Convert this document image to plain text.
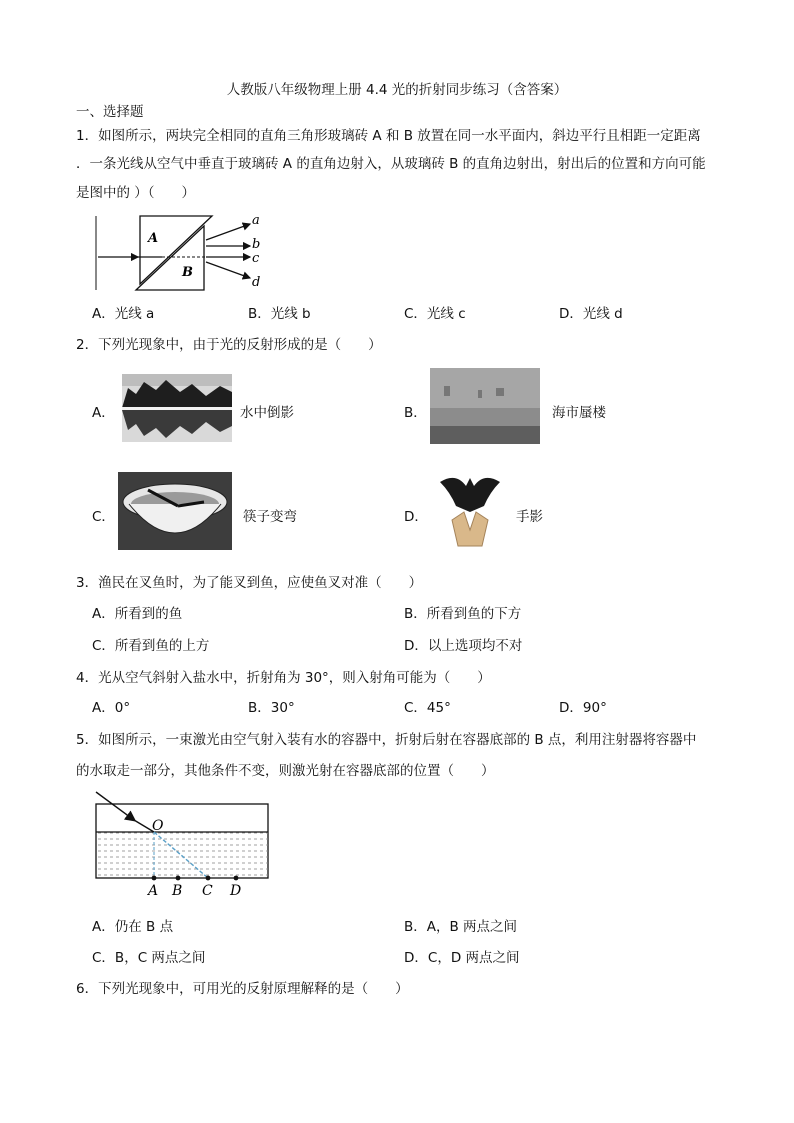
人教版八年级物理上册 4.4 光的折射同步练习（含答案）
一、选择题
1．如图所示，两块完全相同的直角三角形玻璃砖 A 和 B 放置在同一水平面内，斜边平行且相距一定距离
．一条光线从空气中垂直于玻璃砖 A 的直角边射入，从玻璃砖 B 的直角边射出，射出后的位置和方向可能
是图中的 ）（　　）
A
B
a
b
c
d
A．光线 a	B．光线 b	C．光线 c	D．光线 d
2．下列光现象中，由于光的反射形成的是（　　）
A．	水中倒影	B．	海市蜃楼
C．	筷子变弯	D．	手影
3．渔民在叉鱼时，为了能叉到鱼，应使鱼叉对准（　　）
A．所看到的鱼	B．所看到鱼的下方
C．所看到鱼的上方	D．以上选项均不对
4．光从空气斜射入盐水中，折射角为 30°，则入射角可能为（　　）
A．0°	B．30°	C．45°	D．90°
5．如图所示，一束激光由空气射入装有水的容器中，折射后射在容器底部的 B 点，利用注射器将容器中
的水取走一部分，其他条件不变，则激光射在容器底部的位置（　　）
O
A B C D
A．仍在 B 点	B．A，B 两点之间
C．B，C 两点之间	D．C，D 两点之间
6．下列光现象中，可用光的反射原理解释的是（　　）
